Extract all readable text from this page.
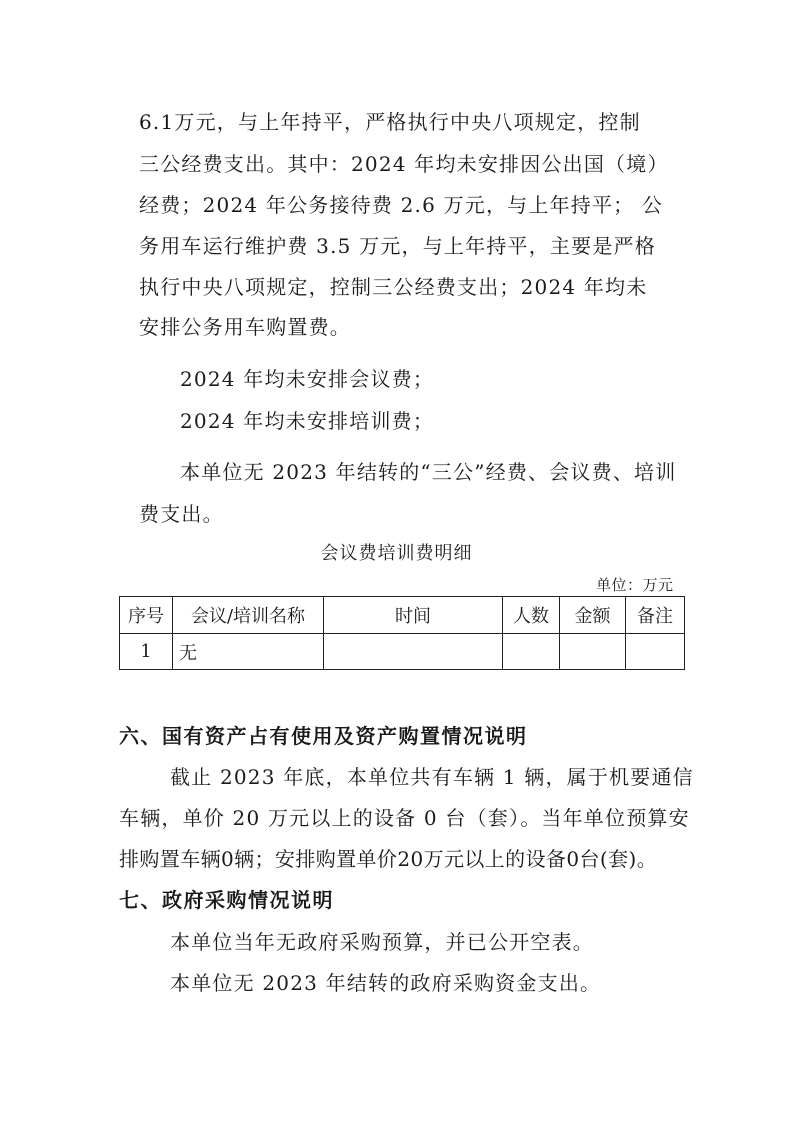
6.1万元，与上年持平，严格执行中央八项规定，控制
三公经费支出。其中：2024 年均未安排因公出国（境）
经费；2024 年公务接待费 2.6 万元，与上年持平； 公
务用车运行维护费 3.5 万元，与上年持平，主要是严格
执行中央八项规定，控制三公经费支出；2024 年均未
安排公务用车购置费。
2024 年均未安排会议费；
2024 年均未安排培训费；
本单位无 2023 年结转的“三公”经费、会议费、培训
费支出。
会议费培训费明细
单位：万元
序号	会议/培训名称	时间	人数	金额	备注
1	无				
六、国有资产占有使用及资产购置情况说明
截止 2023 年底，本单位共有车辆 1 辆，属于机要通信
车辆，单价 20 万元以上的设备 0 台（套）。当年单位预算安
排购置车辆0辆；安排购置单价20万元以上的设备0台(套)。
七、政府采购情况说明
本单位当年无政府采购预算，并已公开空表。
本单位无 2023 年结转的政府采购资金支出。
